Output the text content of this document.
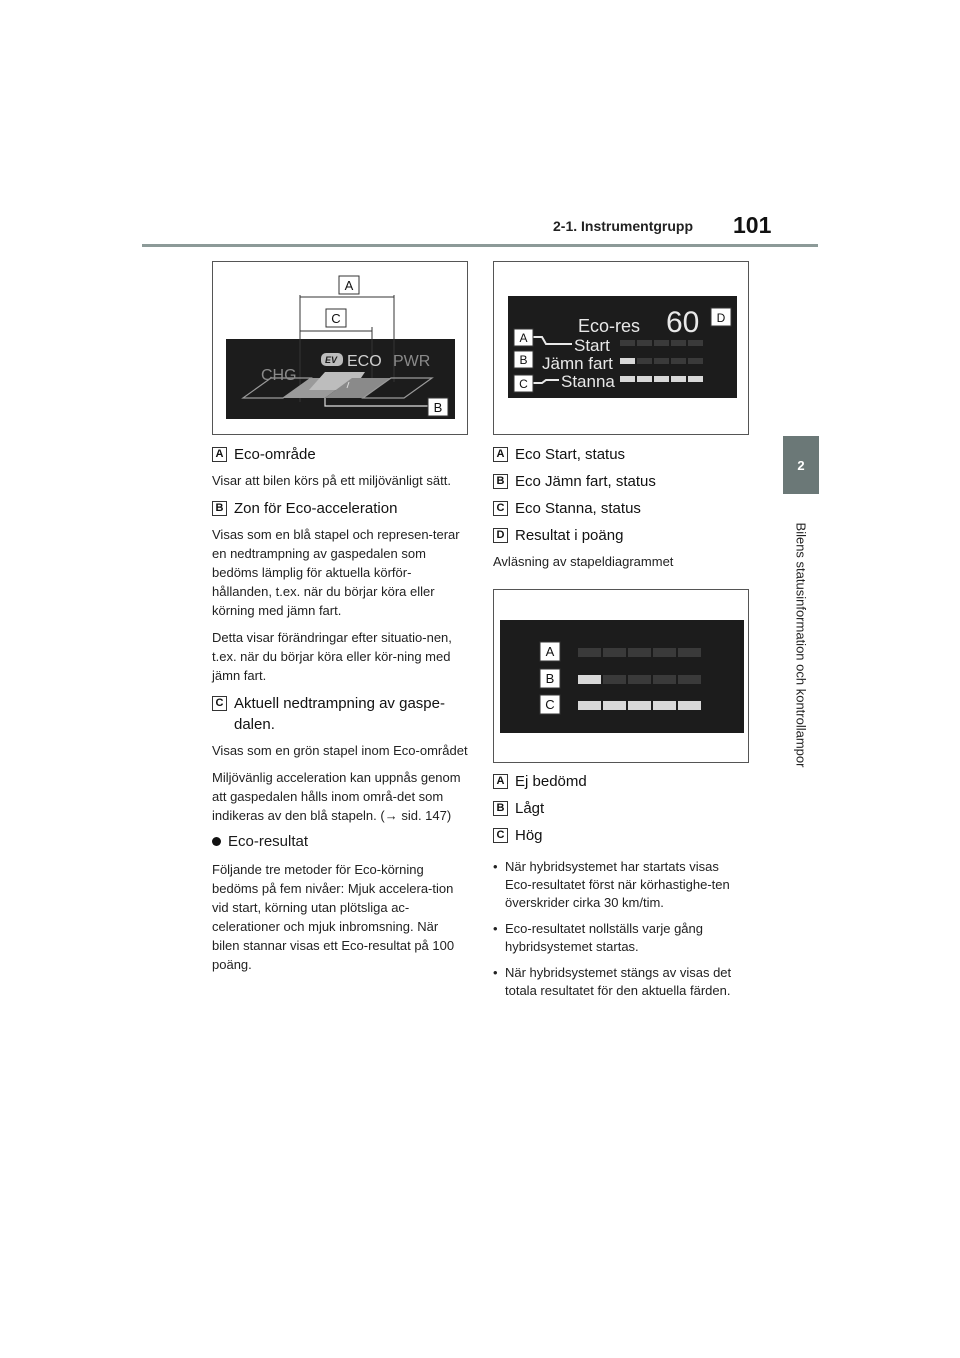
2-1. Instrumentgrupp 101
2
Bilens statusinformation och kontrollampor
CHG
EV ECO PWR
A
C
B
Eco-res 60
Start
Jämn fart
Stanna
A
B
C
D
A
B
C
A Eco-område
Visar att bilen körs på ett miljövänligt sätt.
B Zon för Eco-acceleration
Visas som en blå stapel och represen-terar en nedtrampning av gaspedalen som bedöms lämplig för aktuella körför-hållanden, t.ex. när du börjar köra eller körning med jämn fart.
Detta visar förändringar efter situatio-nen, t.ex. när du börjar köra eller kör-ning med jämn fart.
C Aktuell nedtrampning av gaspe-dalen.
Visas som en grön stapel inom Eco-området
Miljövänlig acceleration kan uppnås genom att gaspedalen hålls inom områ-det som indikeras av den blå stapeln. (→ sid. 147)
Eco-resultat
Följande tre metoder för Eco-körning bedöms på fem nivåer: Mjuk accelera-tion vid start, körning utan plötsliga ac-celerationer och mjuk inbromsning. När bilen stannar visas ett Eco-resultat på 100 poäng.
A Eco Start, status
B Eco Jämn fart, status
C Eco Stanna, status
D Resultat i poäng
Avläsning av stapeldiagrammet
A Ej bedömd
B Lågt
C Hög
• När hybridsystemet har startats visas Eco-resultatet först när körhastighe-ten överskrider cirka 30 km/tim.
• Eco-resultatet nollställs varje gång hybridsystemet startas.
• När hybridsystemet stängs av visas det totala resultatet för den aktuella färden.
